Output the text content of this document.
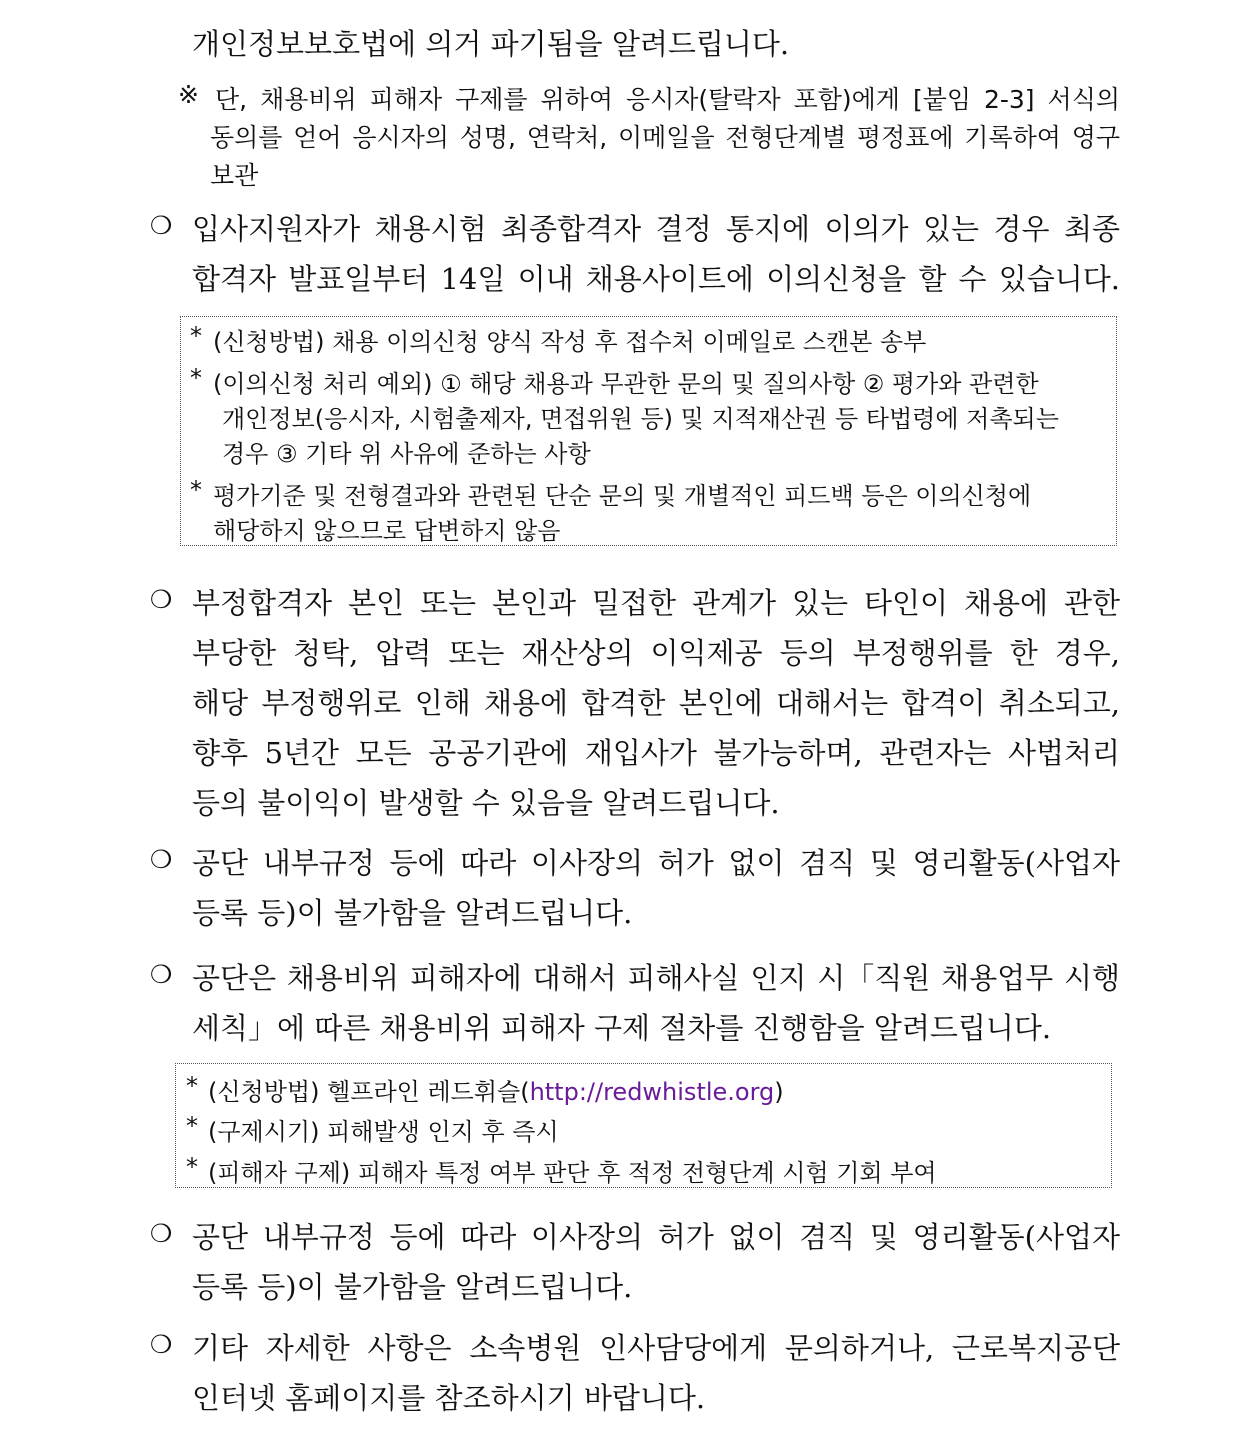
개인정보보호법에 의거 파기됨을 알려드립니다.
※ 단, 채용비위 피해자 구제를 위하여 응시자(탈락자 포함)에게 [붙임 2-3] 서식의
동의를 얻어 응시자의 성명, 연락처, 이메일을 전형단계별 평정표에 기록하여 영구
보관
❍ 입사지원자가 채용시험 최종합격자 결정 통지에 이의가 있는 경우 최종
합격자 발표일부터 14일 이내 채용사이트에 이의신청을 할 수 있습니다.
* (신청방법) 채용 이의신청 양식 작성 후 접수처 이메일로 스캔본 송부
* (이의신청 처리 예외) ① 해당 채용과 무관한 문의 및 질의사항 ② 평가와 관련한
개인정보(응시자, 시험출제자, 면접위원 등) 및 지적재산권 등 타법령에 저촉되는
경우 ③ 기타 위 사유에 준하는 사항
* 평가기준 및 전형결과와 관련된 단순 문의 및 개별적인 피드백 등은 이의신청에
해당하지 않으므로 답변하지 않음
❍ 부정합격자 본인 또는 본인과 밀접한 관계가 있는 타인이 채용에 관한
부당한 청탁, 압력 또는 재산상의 이익제공 등의 부정행위를 한 경우,
해당 부정행위로 인해 채용에 합격한 본인에 대해서는 합격이 취소되고,
향후 5년간 모든 공공기관에 재입사가 불가능하며, 관련자는 사법처리
등의 불이익이 발생할 수 있음을 알려드립니다.
❍ 공단 내부규정 등에 따라 이사장의 허가 없이 겸직 및 영리활동(사업자
등록 등)이 불가함을 알려드립니다.
❍ 공단은 채용비위 피해자에 대해서 피해사실 인지 시「직원 채용업무 시행
세칙」에 따른 채용비위 피해자 구제 절차를 진행함을 알려드립니다.
* (신청방법) 헬프라인 레드휘슬(http://redwhistle.org)
* (구제시기) 피해발생 인지 후 즉시
* (피해자 구제) 피해자 특정 여부 판단 후 적정 전형단계 시험 기회 부여
❍ 공단 내부규정 등에 따라 이사장의 허가 없이 겸직 및 영리활동(사업자
등록 등)이 불가함을 알려드립니다.
❍ 기타 자세한 사항은 소속병원 인사담당에게 문의하거나, 근로복지공단
인터넷 홈페이지를 참조하시기 바랍니다.
